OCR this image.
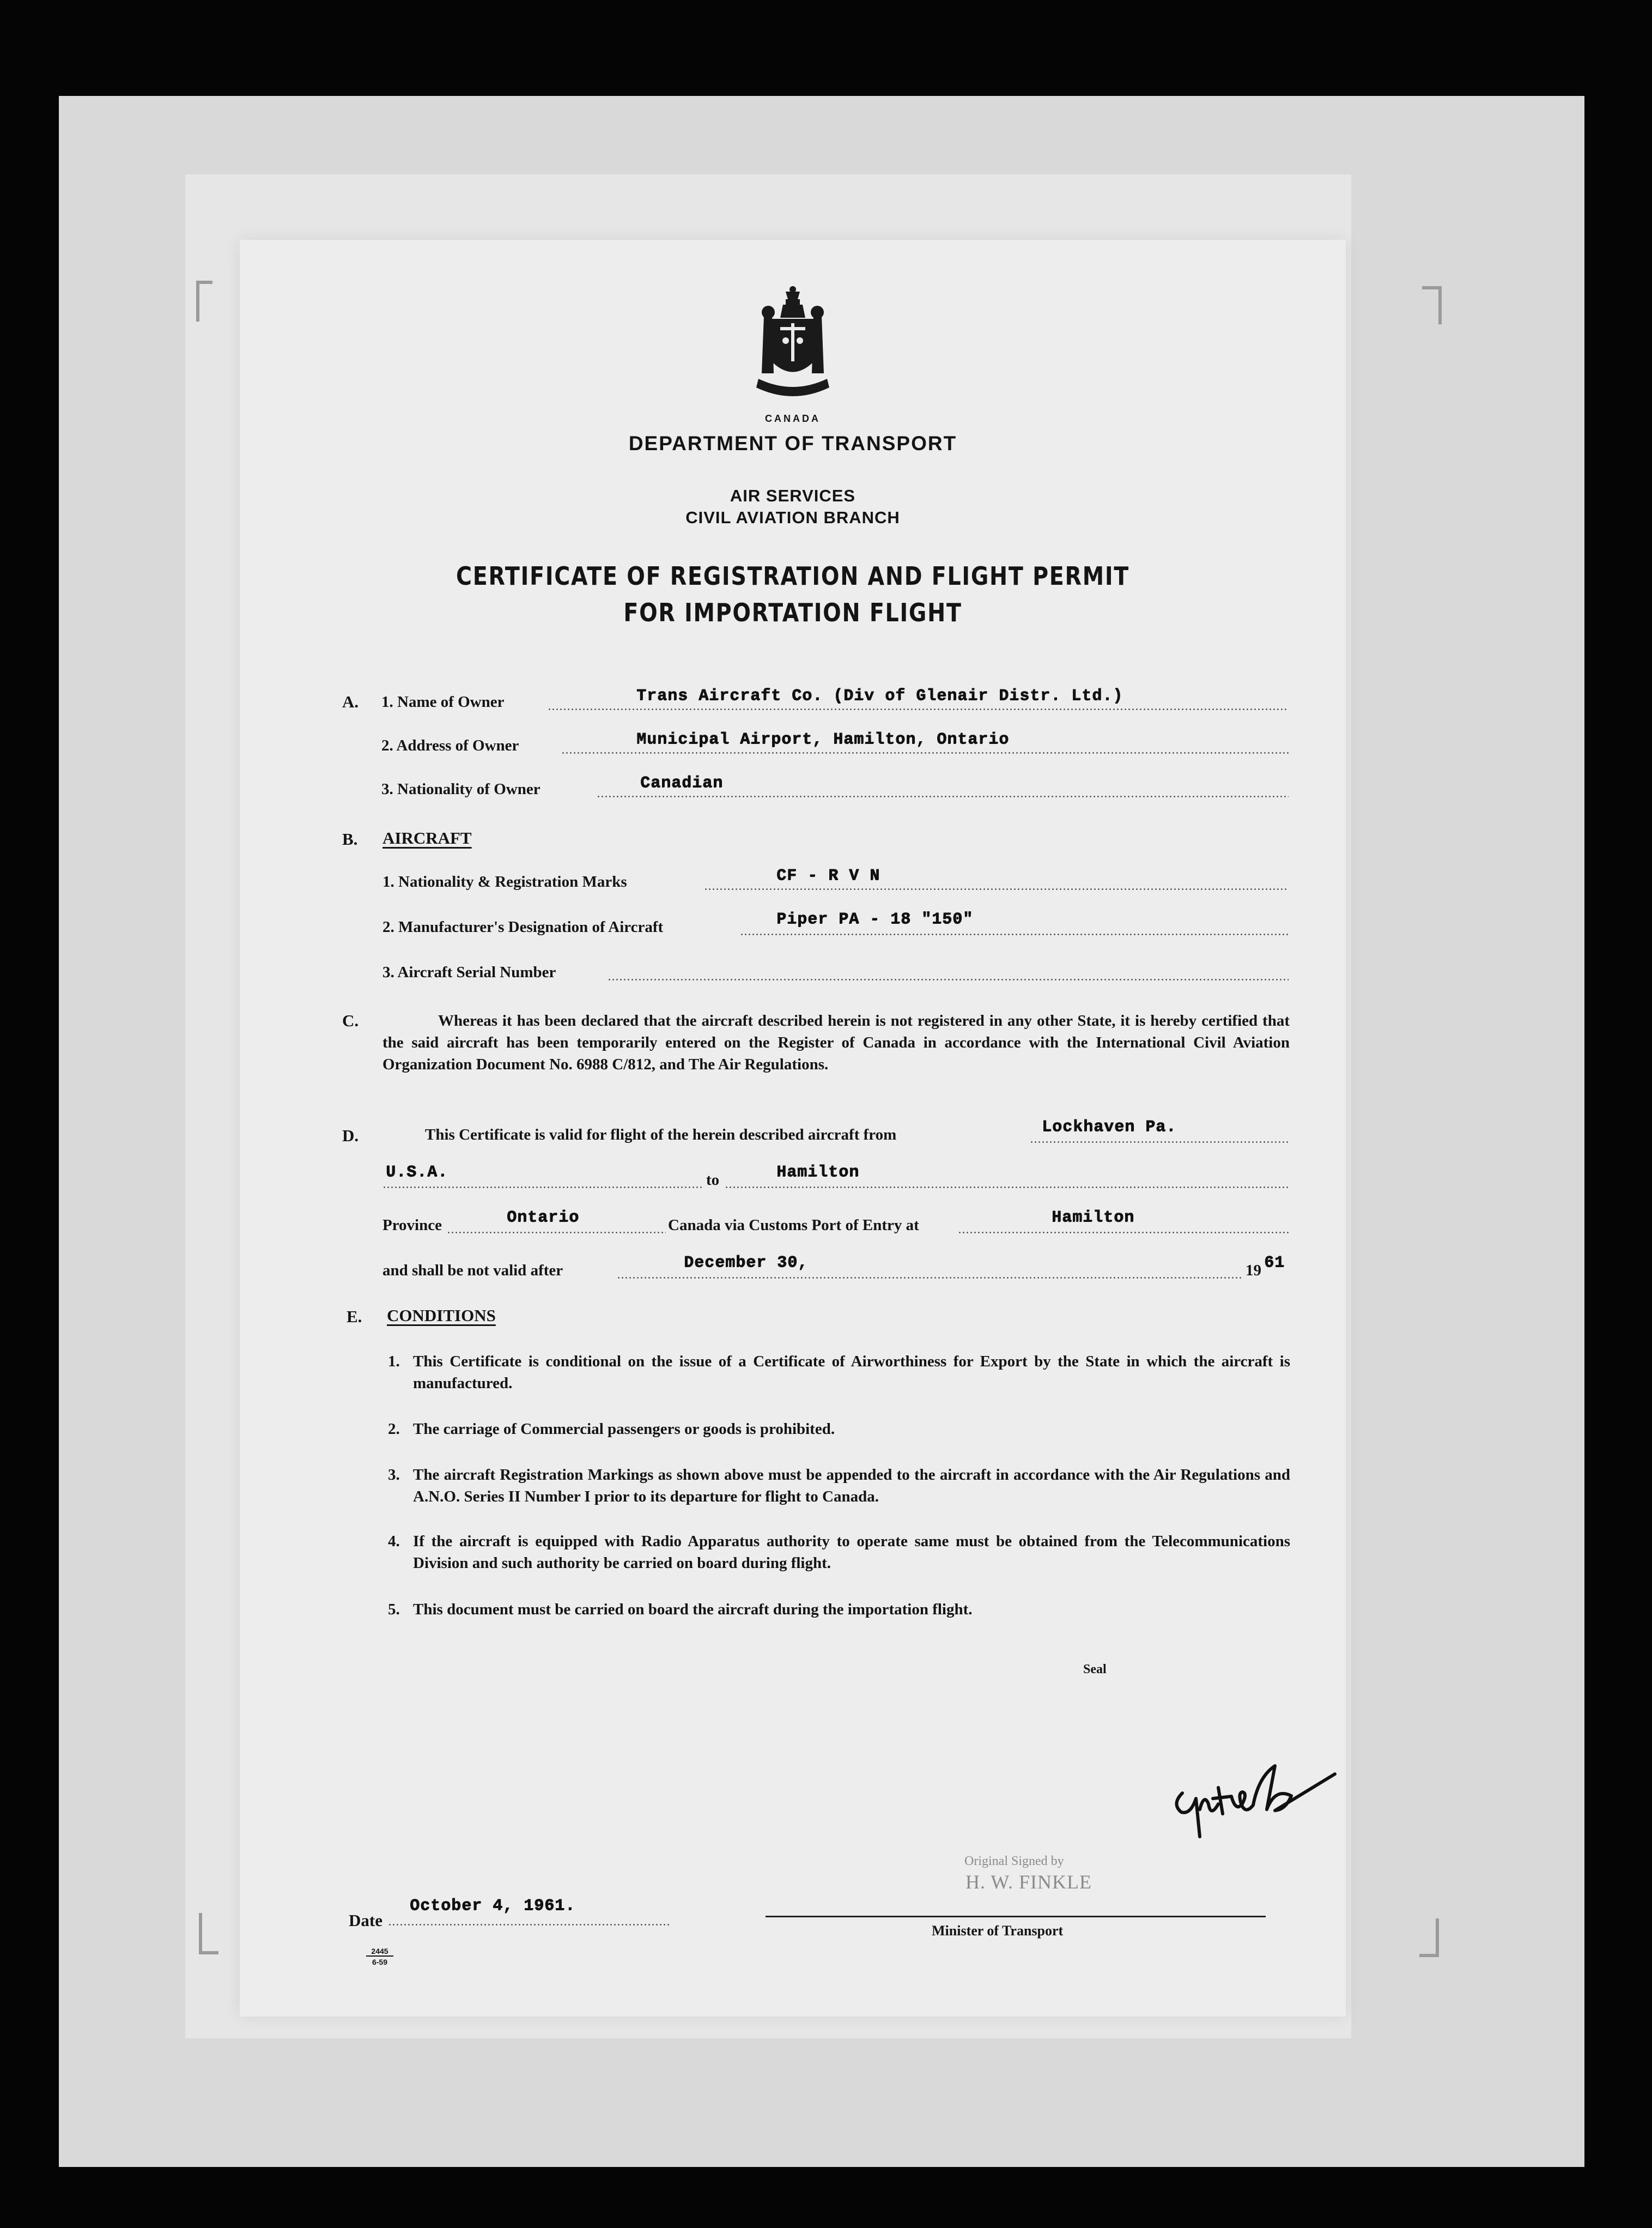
CANADA
DEPARTMENT OF TRANSPORT
AIR SERVICES
CIVIL AVIATION BRANCH
CERTIFICATE OF REGISTRATION AND FLIGHT PERMIT
FOR IMPORTATION FLIGHT
A. 1. Name of Owner	Trans Aircraft Co. (Div of Glenair Distr. Ltd.)
2. Address of Owner	Municipal Airport, Hamilton, Ontario
3. Nationality of Owner	Canadian
B. AIRCRAFT
1. Nationality & Registration Marks	CF - R V N
2. Manufacturer's Designation of Aircraft	Piper PA - 18 "150"
3. Aircraft Serial Number
C.	Whereas it has been declared that the aircraft described herein is not registered in any other State, it is hereby certified that the said aircraft has been temporarily entered on the Register of Canada in accordance with the International Civil Aviation Organization Document No. 6988 C/812, and The Air Regulations.
D.	This Certificate is valid for flight of the herein described aircraft from	Lockhaven Pa.
U.S.A.	to	Hamilton
Province	Ontario	Canada via Customs Port of Entry at	Hamilton
and shall be not valid after	December 30,	19 61
E. CONDITIONS
1. This Certificate is conditional on the issue of a Certificate of Airworthiness for Export by the State in which the aircraft is manufactured.
2. The carriage of Commercial passengers or goods is prohibited.
3. The aircraft Registration Markings as shown above must be appended to the aircraft in accordance with the Air Regulations and A.N.O. Series II Number I prior to its departure for flight to Canada.
4. If the aircraft is equipped with Radio Apparatus authority to operate same must be obtained from the Telecommunications Division and such authority be carried on board during flight.
5. This document must be carried on board the aircraft during the importation flight.
Seal
Original Signed by
H. W. FINKLE
Minister of Transport
Date
October 4, 1961.
2445
6-59
